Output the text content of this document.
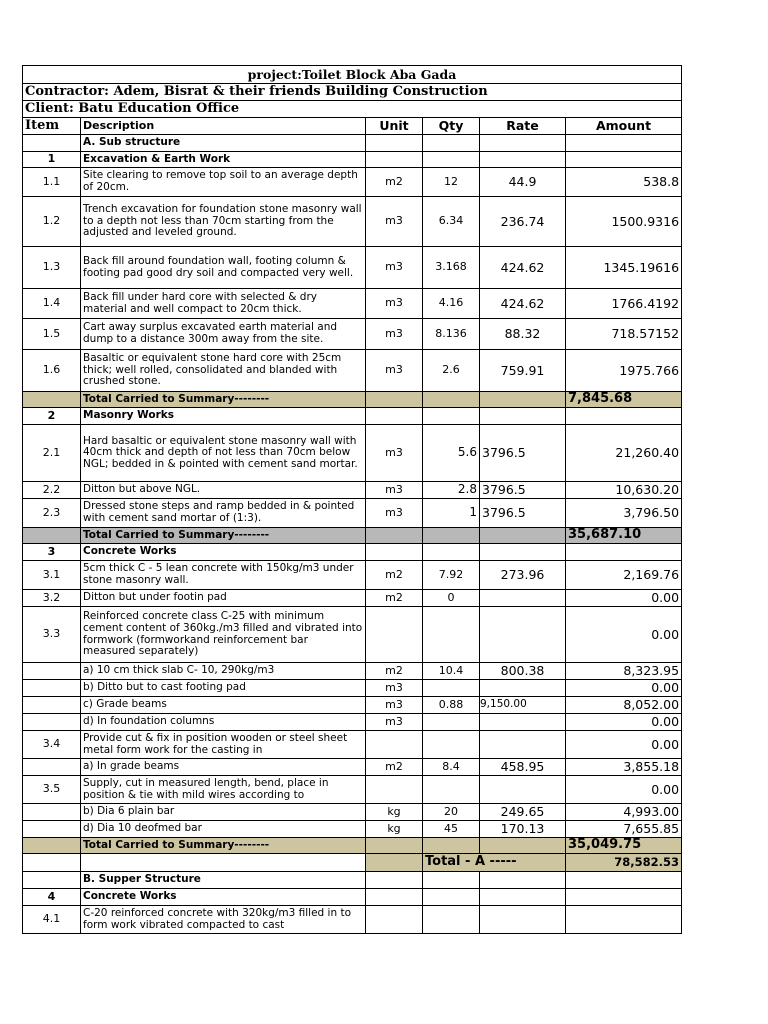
project:Toilet Block Aba Gada					
Contractor: Adem, Bisrat & their friends Building Construction					
Client: Batu Education Office					
Item	Description	Unit	Qty	Rate	Amount
	A. Sub structure				
1	Excavation & Earth Work				
1.1	Site clearing to remove top soil to an average depth of 20cm.	m2	12	44.9	538.8
1.2	Trench excavation for foundation stone masonry wall to a depth not less than 70cm starting from the adjusted and leveled ground.	m3	6.34	236.74	1500.9316
1.3	Back fill around foundation wall, footing column & footing pad good dry soil and compacted very well.	m3	3.168	424.62	1345.19616
1.4	Back fill under hard core with selected & dry material and well compact to 20cm thick.	m3	4.16	424.62	1766.4192
1.5	Cart away surplus excavated earth material and dump to a distance 300m away from the site.	m3	8.136	88.32	718.57152
1.6	Basaltic or equivalent stone hard core with 25cm thick; well rolled, consolidated and blanded with crushed stone.	m3	2.6	759.91	1975.766
	Total Carried to Summary--------				7,845.68
2	Masonry Works				
2.1	Hard basaltic or equivalent stone masonry wall with 40cm thick and depth of not less than 70cm below NGL; bedded in & pointed with cement sand mortar.	m3	5.6	3796.5	21,260.40
2.2	Ditton but above NGL.	m3	2.8	3796.5	10,630.20
2.3	Dressed stone steps and ramp bedded in & pointed with cement sand mortar of (1:3).	m3	1	3796.5	3,796.50
	Total Carried to Summary--------				35,687.10
3	Concrete Works				
3.1	5cm thick C - 5 lean concrete with 150kg/m3 under stone masonry wall.	m2	7.92	273.96	2,169.76
3.2	Ditton but under footin pad	m2	0		0.00
3.3	Reinforced concrete class C-25 with minimum cement content of 360kg./m3 filled and vibrated into formwork (formworkand reinforcement bar measured separately)				0.00
	a) 10 cm thick slab C- 10, 290kg/m3	m2	10.4	800.38	8,323.95
	b) Ditto but to cast footing pad	m3			0.00
	c) Grade beams	m3	0.88	9,150.00	8,052.00
	d) In foundation columns	m3			0.00
3.4	Provide cut & fix in position wooden or steel sheet metal form work for the casting in				0.00
	a) In grade beams	m2	8.4	458.95	3,855.18
3.5	Supply, cut in measured length, bend, place in position & tie with mild wires according to				0.00
	b) Dia 6 plain bar	kg	20	249.65	4,993.00
	d) Dia 10 deofmed bar	kg	45	170.13	7,655.85
	Total Carried to Summary--------				35,049.75
			Total - A -----		78,582.53
	B. Supper Structure				
4	Concrete Works				
4.1	C-20 reinforced concrete with 320kg/m3 filled in to form work vibrated compacted to cast				
